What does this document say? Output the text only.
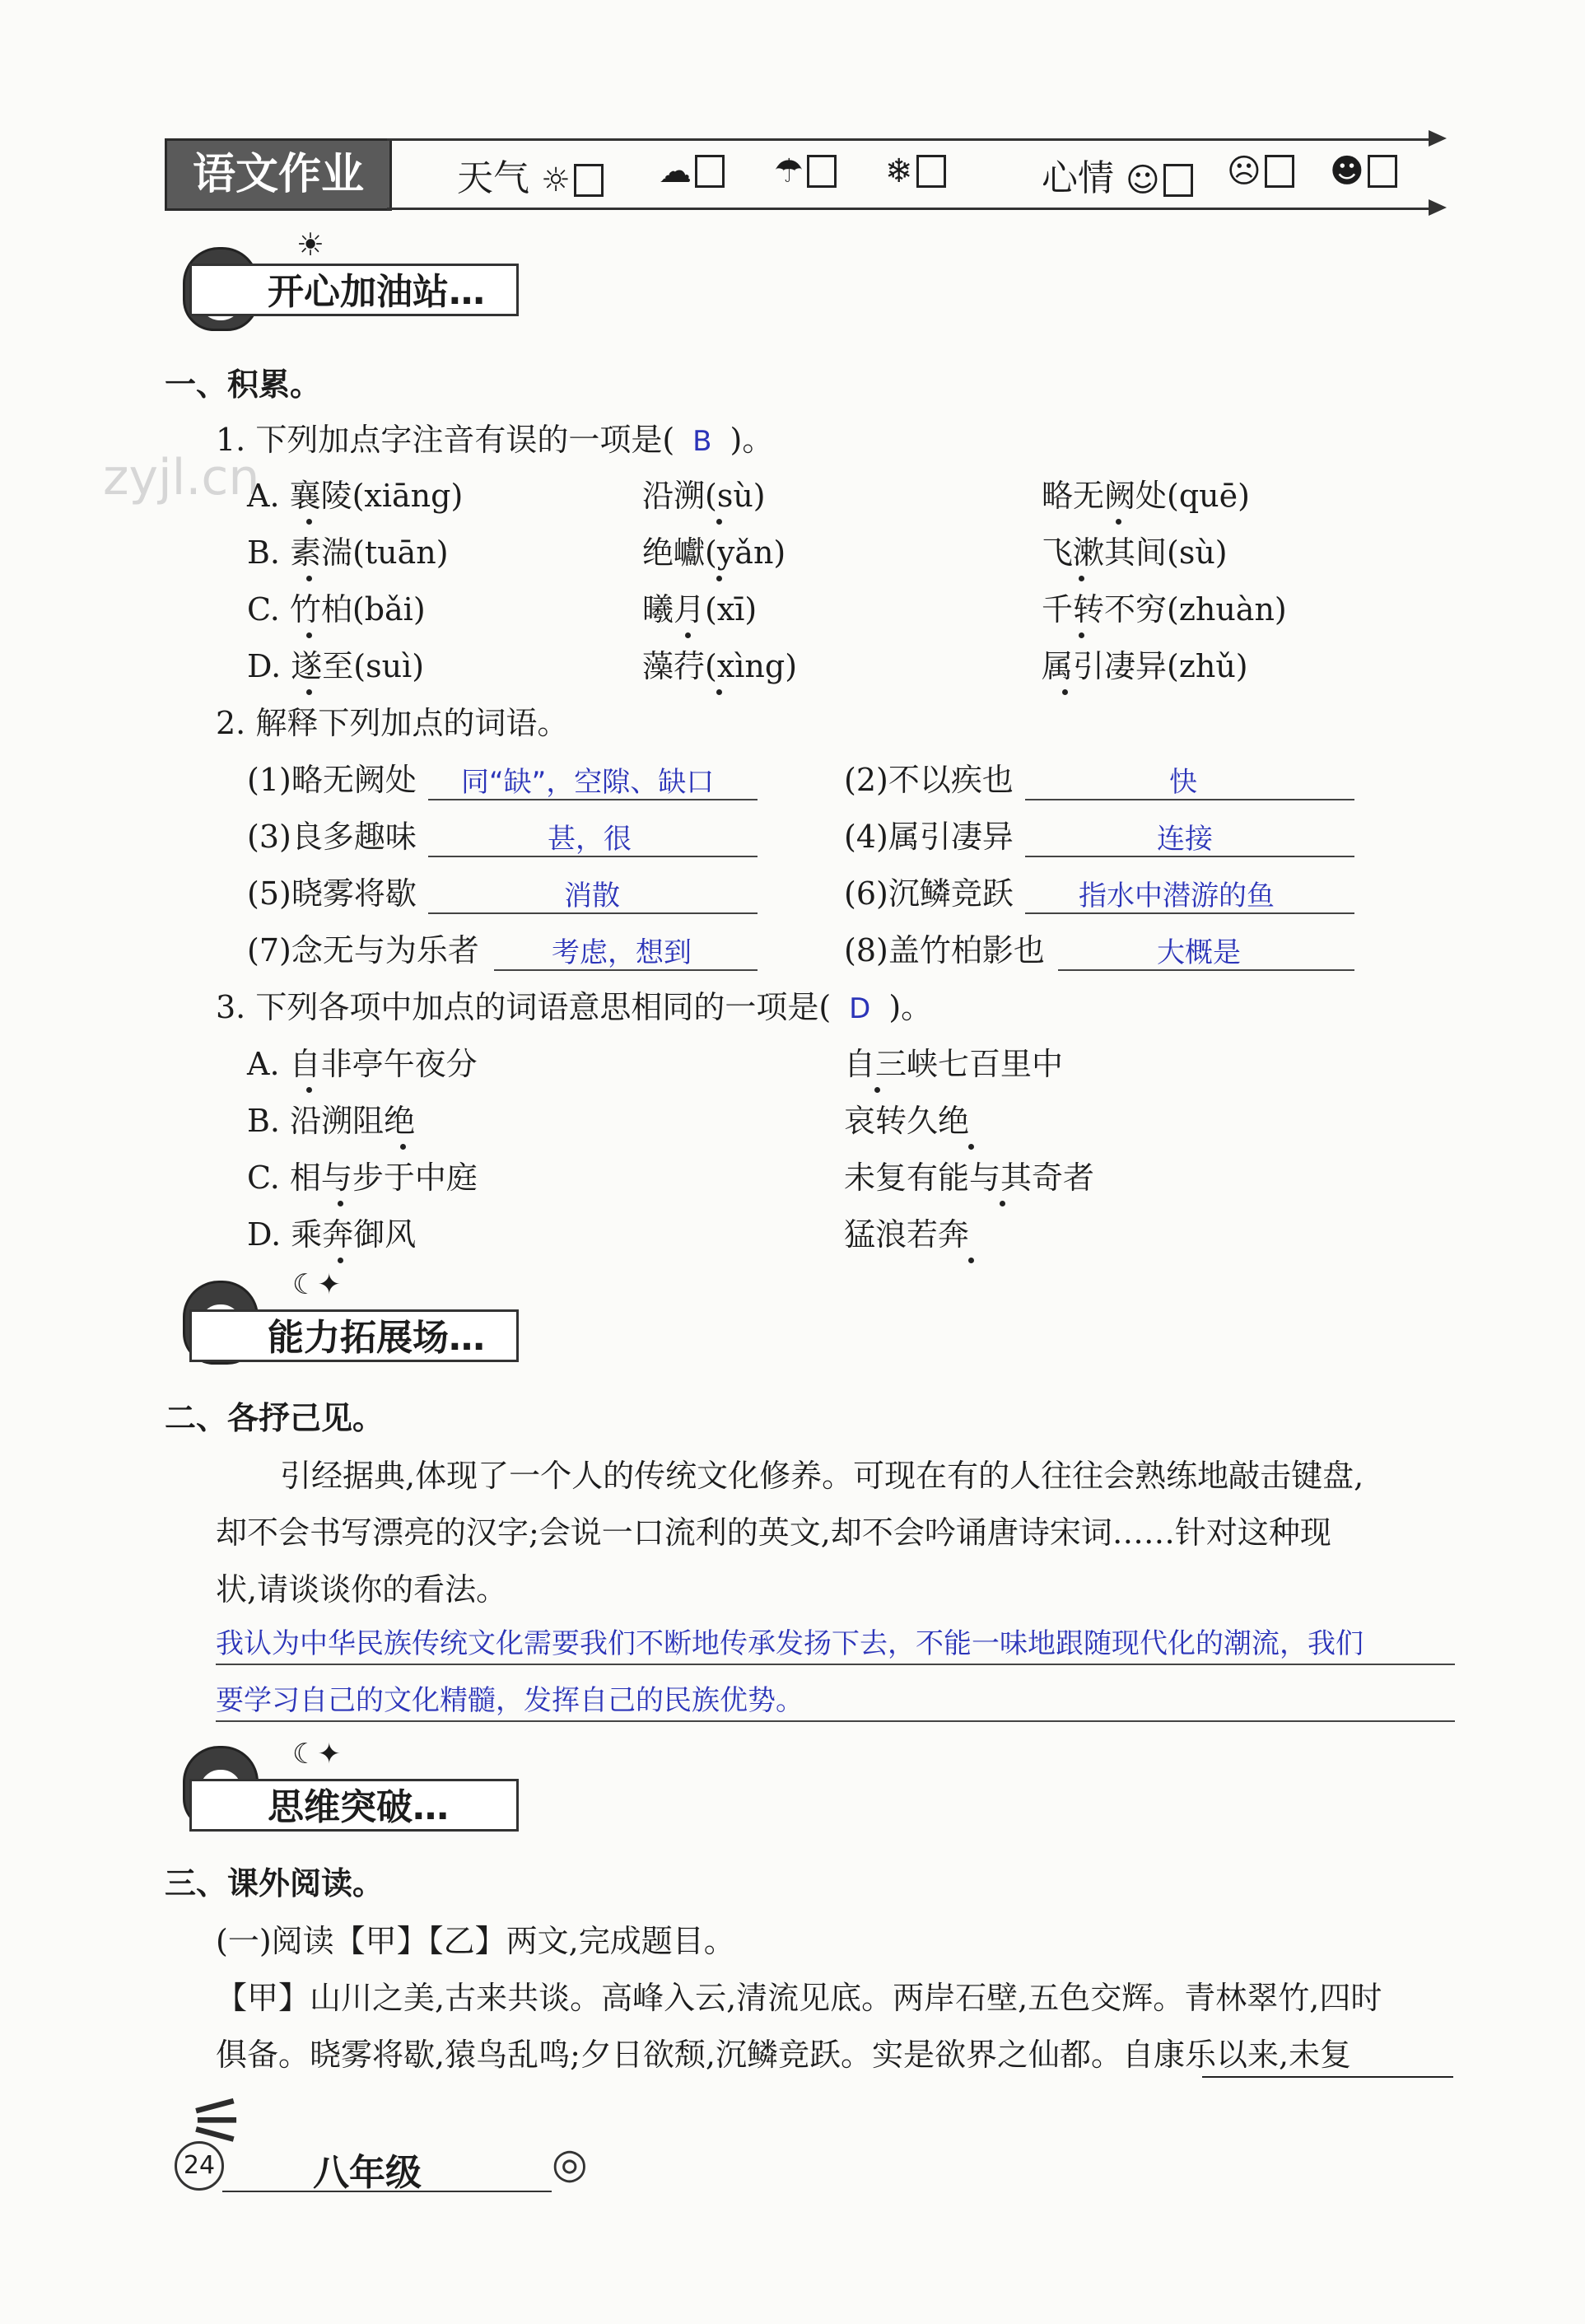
语文作业	天气 ☼	☁	☂	❄	心情 ☺	☹	☻
开心加油站…
☀
zyjl.cn
一、积累。
1. 下列加点字注音有误的一项是( B )。
A. 襄陵(xiāng)	沿溯(sù)	略无阙处(quē)
B. 素湍(tuān)	绝巘(yǎn)	飞漱其间(sù)
C. 竹柏(bǎi)	曦月(xī)	千转不穷(zhuàn)
D. 遂至(suì)	藻荇(xìng)	属引凄异(zhǔ)
2. 解释下列加点的词语。
(1)略无阙处 同“缺”，空隙、缺口	(2)不以疾也	快
(3)良多趣味	甚，很	(4)属引凄异	连接
(5)晓雾将歇	消散	(6)沉鳞竞跃 指水中潜游的鱼
(7)念无与为乐者	考虑，想到	(8)盖竹柏影也	大概是
3. 下列各项中加点的词语意思相同的一项是( D )。
A. 自非亭午夜分	自三峡七百里中
B. 沿溯阻绝	哀转久绝
C. 相与步于中庭	未复有能与其奇者
D. 乘奔御风	猛浪若奔
能力拓展场…
☾✦
二、各抒己见。
引经据典,体现了一个人的传统文化修养。可现在有的人往往会熟练地敲击键盘,
却不会书写漂亮的汉字;会说一口流利的英文,却不会吟诵唐诗宋词……针对这种现
状,请谈谈你的看法。
我认为中华民族传统文化需要我们不断地传承发扬下去，不能一味地跟随现代化的潮流，我们
要学习自己的文化精髓，发挥自己的民族优势。
思维突破…
☾✦
三、课外阅读。
(一)阅读【甲】【乙】两文,完成题目。
【甲】山川之美,古来共谈。高峰入云,清流见底。两岸石壁,五色交辉。青林翠竹,四时
俱备。晓雾将歇,猿鸟乱鸣;夕日欲颓,沉鳞竞跃。实是欲界之仙都。自康乐以来,未复
⚟
24	八年级	◎
